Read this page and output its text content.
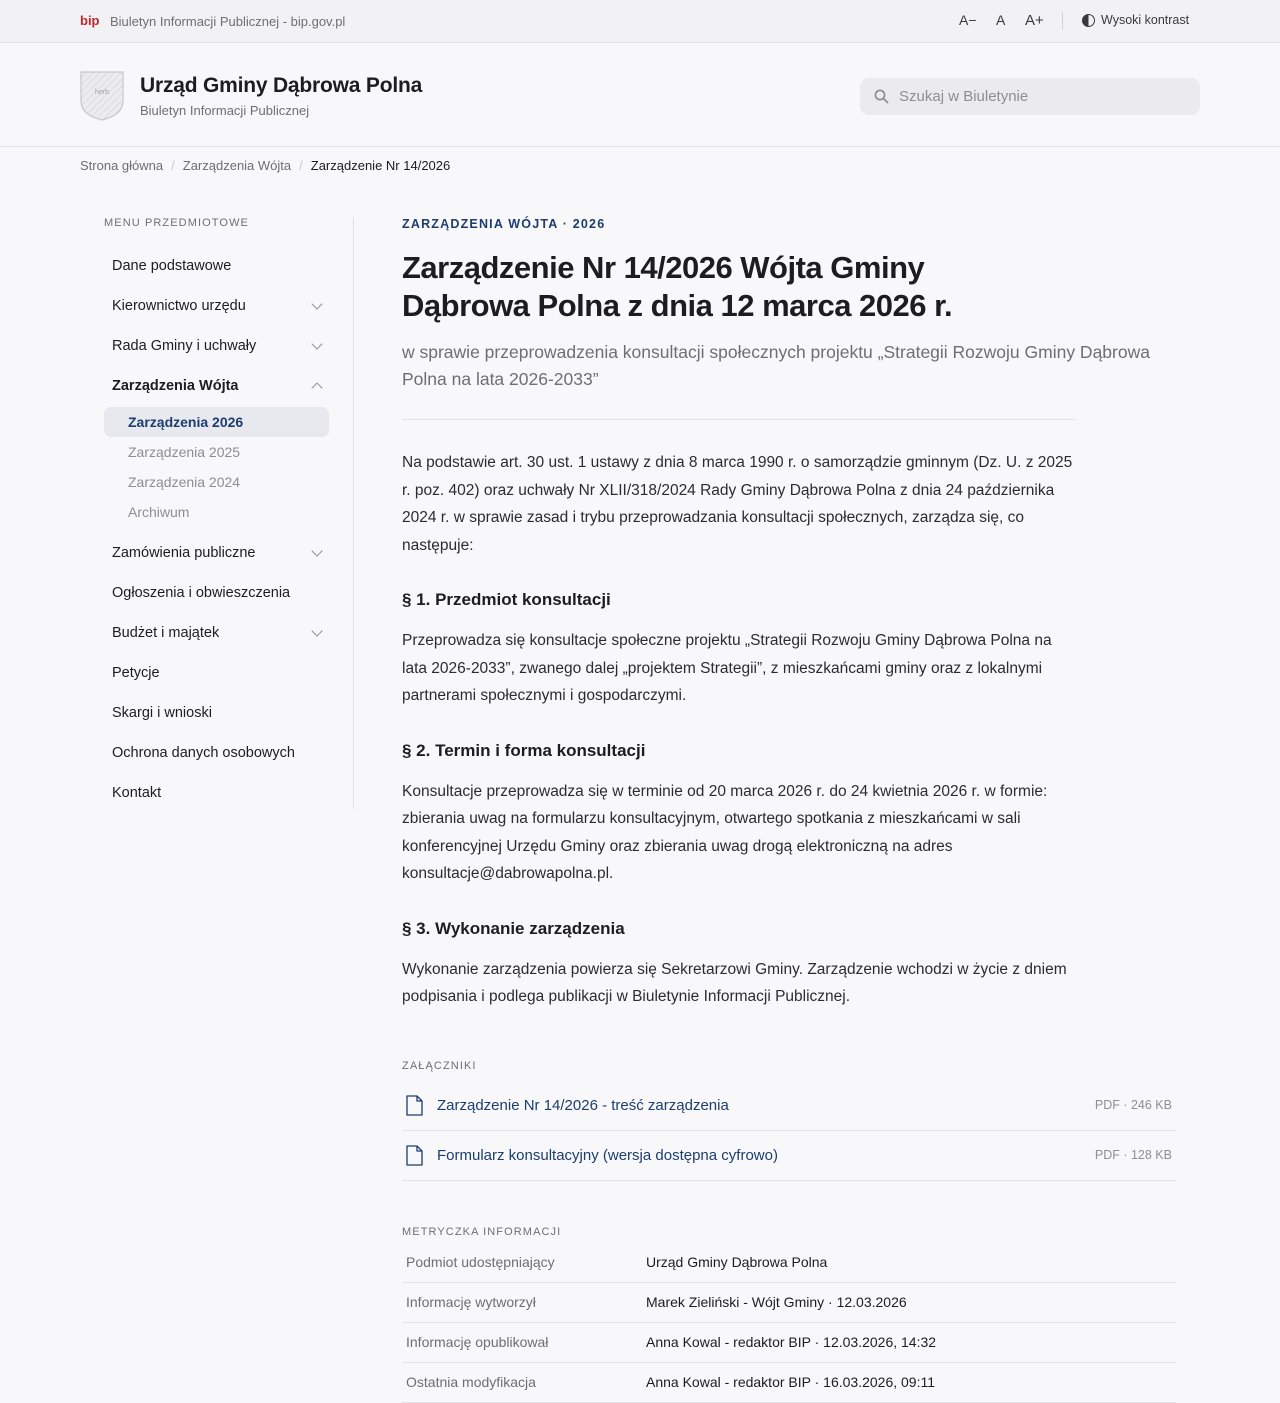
bip Biuletyn Informacji Publicznej - bip.gov.pl	A− A A+	Wysoki kontrast
herb	Urząd Gminy Dąbrowa Polna
Biuletyn Informacji Publicznej
Szukaj w Biuletynie
Strona główna / Zarządzenia Wójta / Zarządzenie Nr 14/2026
MENU PRZEDMIOTOWE
Dane podstawowe
Kierownictwo urzędu
Rada Gminy i uchwały
Zarządzenia Wójta
Zarządzenia 2026
Zarządzenia 2025
Zarządzenia 2024
Archiwum
Zamówienia publiczne
Ogłoszenia i obwieszczenia
Budżet i majątek
Petycje
Skargi i wnioski
Ochrona danych osobowych
Kontakt
ZARZĄDZENIA WÓJTA · 2026
Zarządzenie Nr 14/2026 Wójta Gminy Dąbrowa Polna z dnia 12 marca 2026 r.

w sprawie przeprowadzenia konsultacji społecznych projektu „Strategii Rozwoju Gminy Dąbrowa Polna na lata 2026-2033”

Na podstawie art. 30 ust. 1 ustawy z dnia 8 marca 1990 r. o samorządzie gminnym (Dz. U. z 2025 r. poz. 402) oraz uchwały Nr XLII/318/2024 Rady Gminy Dąbrowa Polna z dnia 24 października 2024 r. w sprawie zasad i trybu przeprowadzania konsultacji społecznych, zarządza się, co następuje:

§ 1. Przedmiot konsultacji

Przeprowadza się konsultacje społeczne projektu „Strategii Rozwoju Gminy Dąbrowa Polna na lata 2026-2033”, zwanego dalej „projektem Strategii”, z mieszkańcami gminy oraz z lokalnymi partnerami społecznymi i gospodarczymi.

§ 2. Termin i forma konsultacji

Konsultacje przeprowadza się w terminie od 20 marca 2026 r. do 24 kwietnia 2026 r. w formie: zbierania uwag na formularzu konsultacyjnym, otwartego spotkania z mieszkańcami w sali konferencyjnej Urzędu Gminy oraz zbierania uwag drogą elektroniczną na adres konsultacje@dabrowapolna.pl.

§ 3. Wykonanie zarządzenia

Wykonanie zarządzenia powierza się Sekretarzowi Gminy. Zarządzenie wchodzi w życie z dniem podpisania i podlega publikacji w Biuletynie Informacji Publicznej.

ZAŁĄCZNIKI
Zarządzenie Nr 14/2026 - treść zarządzenia	PDF · 246 KB
Formularz konsultacyjny (wersja dostępna cyfrowo)	PDF · 128 KB
METRYCZKA INFORMACJI
Podmiot udostępniający	Urząd Gminy Dąbrowa Polna
Informację wytworzył	Marek Zieliński - Wójt Gminy · 12.03.2026
Informację opublikował	Anna Kowal - redaktor BIP · 12.03.2026, 14:32
Ostatnia modyfikacja	Anna Kowal - redaktor BIP · 16.03.2026, 09:11
